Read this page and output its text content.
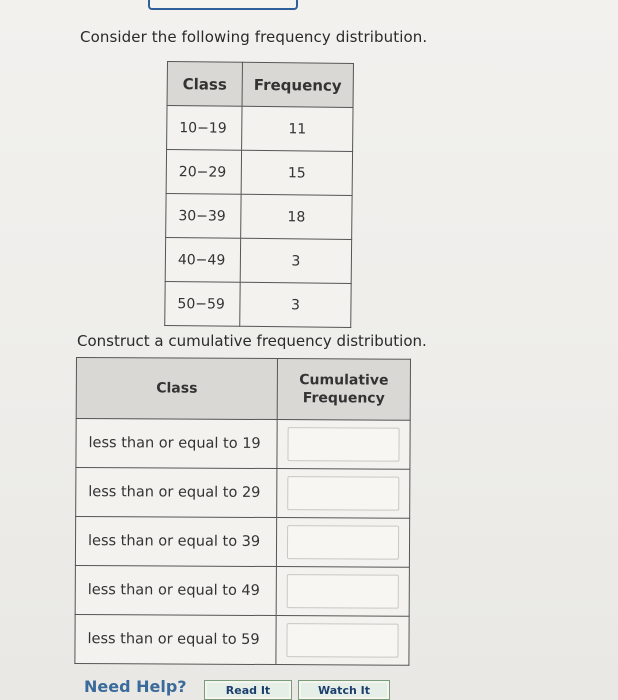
Consider the following frequency distribution.
Class	Frequency
10−19	11
20−29	15
30−39	18
40−49	3
50−59	3
Construct a cumulative frequency distribution.
Class	Cumulative
Frequency
less than or equal to 19	

less than or equal to 29	

less than or equal to 39	

less than or equal to 49	

less than or equal to 59	
Need Help?	Read It	Watch It
